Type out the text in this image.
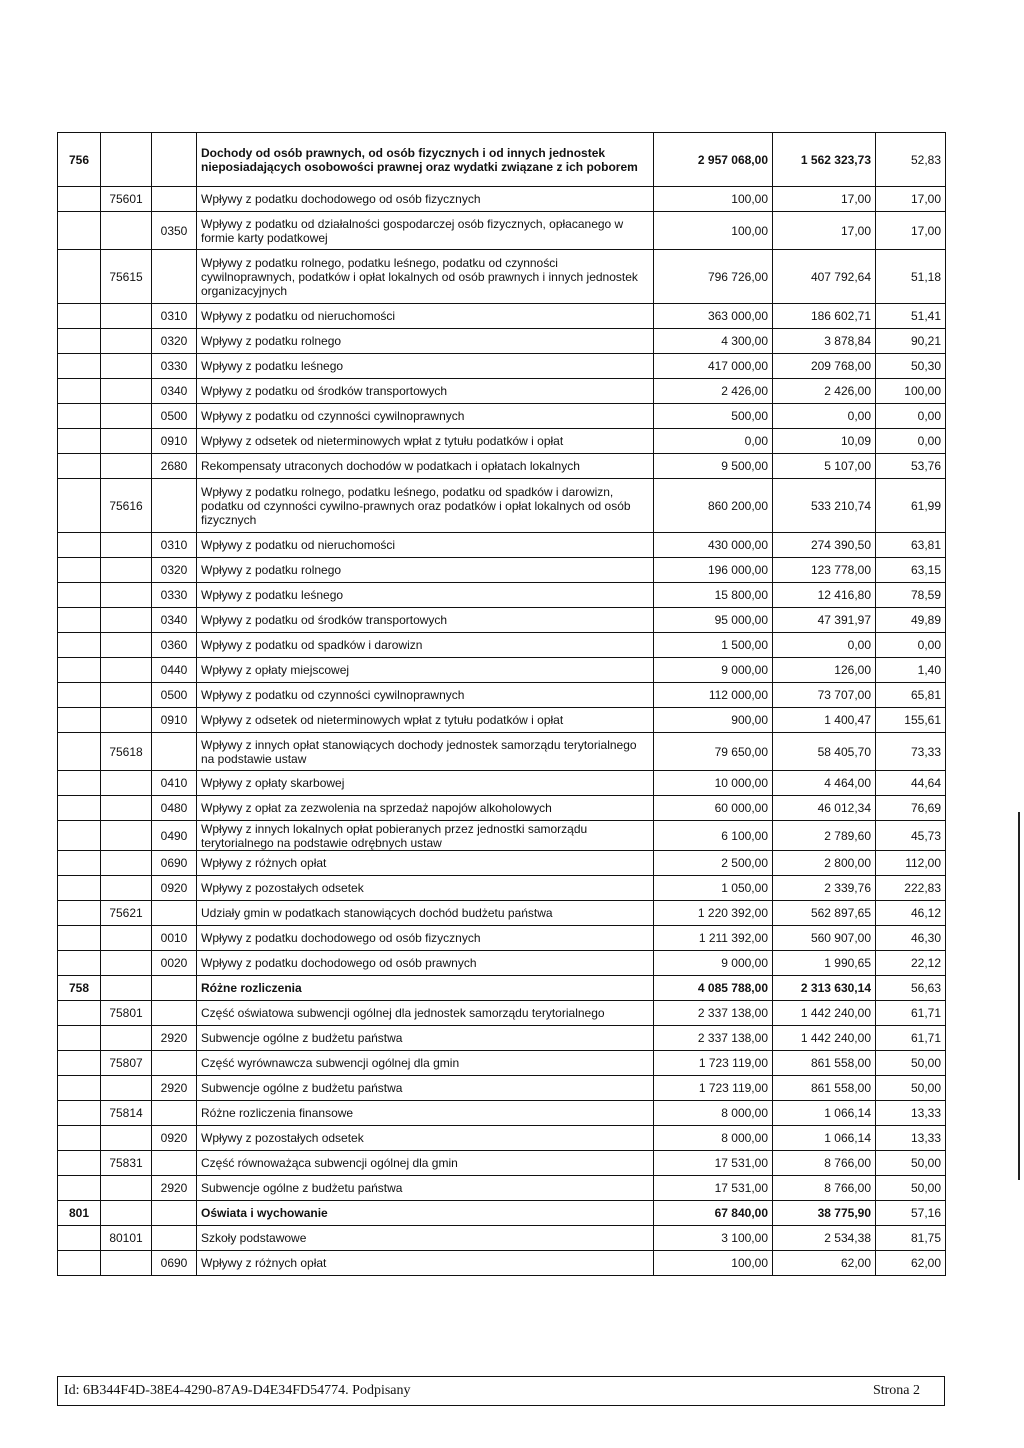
756			Dochody od osób prawnych, od osób fizycznych i od innych jednostek nieposiadających osobowości prawnej oraz wydatki związane z ich poborem	2 957 068,00	1 562 323,73	52,83
	75601		Wpływy z podatku dochodowego od osób fizycznych	100,00	17,00	17,00
		0350	Wpływy z podatku od działalności gospodarczej osób fizycznych, opłacanego w formie karty podatkowej	100,00	17,00	17,00
	75615		Wpływy z podatku rolnego, podatku leśnego, podatku od czynności cywilnoprawnych, podatków i opłat lokalnych od osób prawnych i innych jednostek organizacyjnych	796 726,00	407 792,64	51,18
		0310	Wpływy z podatku od nieruchomości	363 000,00	186 602,71	51,41
		0320	Wpływy z podatku rolnego	4 300,00	3 878,84	90,21
		0330	Wpływy z podatku leśnego	417 000,00	209 768,00	50,30
		0340	Wpływy z podatku od środków transportowych	2 426,00	2 426,00	100,00
		0500	Wpływy z podatku od czynności cywilnoprawnych	500,00	0,00	0,00
		0910	Wpływy z odsetek od nieterminowych wpłat z tytułu podatków i opłat	0,00	10,09	0,00
		2680	Rekompensaty utraconych dochodów w podatkach i opłatach lokalnych	9 500,00	5 107,00	53,76
	75616		Wpływy z podatku rolnego, podatku leśnego, podatku od spadków i darowizn, podatku od czynności cywilno-prawnych oraz podatków i opłat lokalnych od osób fizycznych	860 200,00	533 210,74	61,99
		0310	Wpływy z podatku od nieruchomości	430 000,00	274 390,50	63,81
		0320	Wpływy z podatku rolnego	196 000,00	123 778,00	63,15
		0330	Wpływy z podatku leśnego	15 800,00	12 416,80	78,59
		0340	Wpływy z podatku od środków transportowych	95 000,00	47 391,97	49,89
		0360	Wpływy z podatku od spadków i darowizn	1 500,00	0,00	0,00
		0440	Wpływy z opłaty miejscowej	9 000,00	126,00	1,40
		0500	Wpływy z podatku od czynności cywilnoprawnych	112 000,00	73 707,00	65,81
		0910	Wpływy z odsetek od nieterminowych wpłat z tytułu podatków i opłat	900,00	1 400,47	155,61
	75618		Wpływy z innych opłat stanowiących dochody jednostek samorządu terytorialnego na podstawie ustaw	79 650,00	58 405,70	73,33
		0410	Wpływy z opłaty skarbowej	10 000,00	4 464,00	44,64
		0480	Wpływy z opłat za zezwolenia na sprzedaż napojów alkoholowych	60 000,00	46 012,34	76,69
		0490	Wpływy z innych lokalnych opłat pobieranych przez jednostki samorządu terytorialnego na podstawie odrębnych ustaw	6 100,00	2 789,60	45,73
		0690	Wpływy z różnych opłat	2 500,00	2 800,00	112,00
		0920	Wpływy z pozostałych odsetek	1 050,00	2 339,76	222,83
	75621		Udziały gmin w podatkach stanowiących dochód budżetu państwa	1 220 392,00	562 897,65	46,12
		0010	Wpływy z podatku dochodowego od osób fizycznych	1 211 392,00	560 907,00	46,30
		0020	Wpływy z podatku dochodowego od osób prawnych	9 000,00	1 990,65	22,12
758			Różne rozliczenia	4 085 788,00	2 313 630,14	56,63
	75801		Część oświatowa subwencji ogólnej dla jednostek samorządu terytorialnego	2 337 138,00	1 442 240,00	61,71
		2920	Subwencje ogólne z budżetu państwa	2 337 138,00	1 442 240,00	61,71
	75807		Część wyrównawcza subwencji ogólnej dla gmin	1 723 119,00	861 558,00	50,00
		2920	Subwencje ogólne z budżetu państwa	1 723 119,00	861 558,00	50,00
	75814		Różne rozliczenia finansowe	8 000,00	1 066,14	13,33
		0920	Wpływy z pozostałych odsetek	8 000,00	1 066,14	13,33
	75831		Część równoważąca subwencji ogólnej dla gmin	17 531,00	8 766,00	50,00
		2920	Subwencje ogólne z budżetu państwa	17 531,00	8 766,00	50,00
801			Oświata i wychowanie	67 840,00	38 775,90	57,16
	80101		Szkoły podstawowe	3 100,00	2 534,38	81,75
		0690	Wpływy z różnych opłat	100,00	62,00	62,00
Id: 6B344F4D-38E4-4290-87A9-D4E34FD54774. Podpisany	Strona 2
